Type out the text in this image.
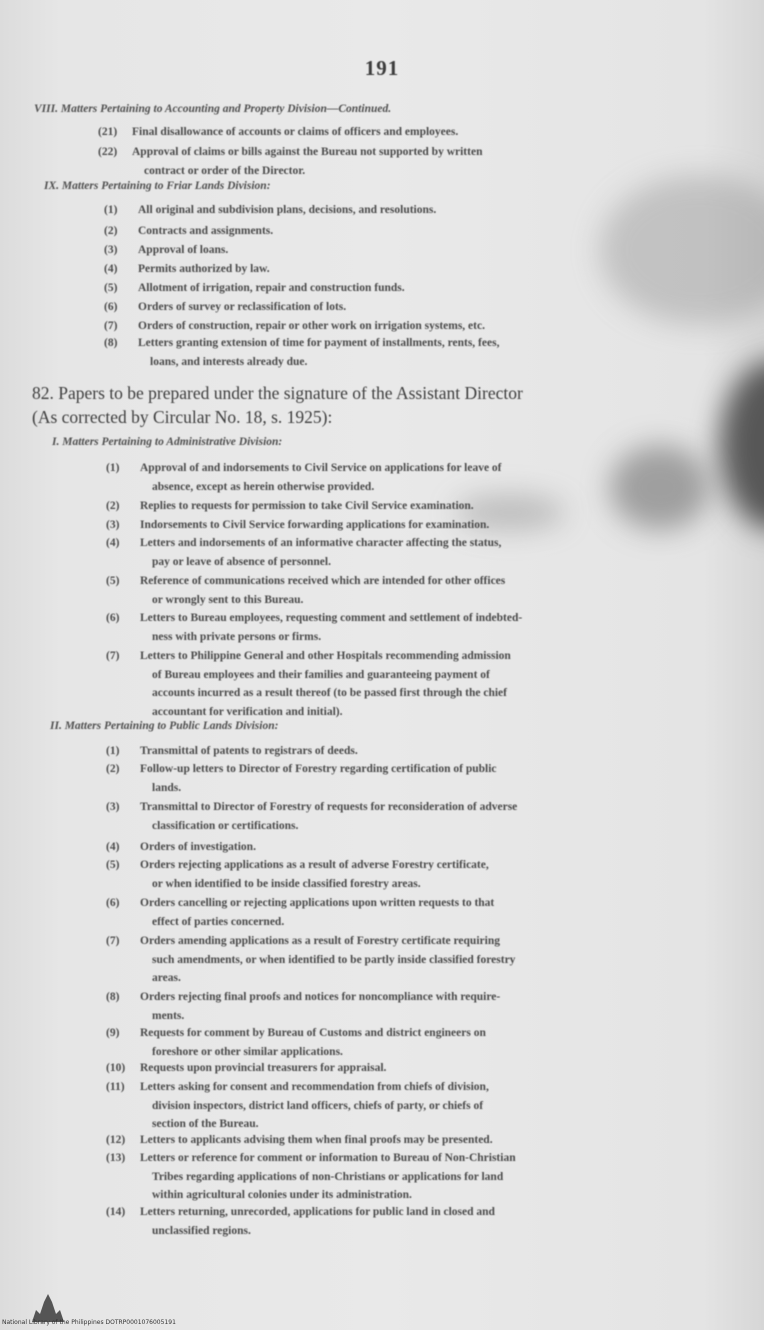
191
VIII. Matters Pertaining to Accounting and Property Division—Continued.
(21)	Final disallowance of accounts or claims of officers and employees.
(22)	Approval of claims or bills against the Bureau not supported by written
contract or order of the Director.
IX. Matters Pertaining to Friar Lands Division:
(1)	All original and subdivision plans, decisions, and resolutions.
(2)	Contracts and assignments.
(3)	Approval of loans.
(4)	Permits authorized by law.
(5)	Allotment of irrigation, repair and construction funds.
(6)	Orders of survey or reclassification of lots.
(7)	Orders of construction, repair or other work on irrigation systems, etc.
(8)	Letters granting extension of time for payment of installments, rents, fees,
loans, and interests already due.
82. Papers to be prepared under the signature of the Assistant Director
(As corrected by Circular No. 18, s. 1925):
I. Matters Pertaining to Administrative Division:
(1)	Approval of and indorsements to Civil Service on applications for leave of
absence, except as herein otherwise provided.
(2)	Replies to requests for permission to take Civil Service examination.
(3)	Indorsements to Civil Service forwarding applications for examination.
(4)	Letters and indorsements of an informative character affecting the status,
pay or leave of absence of personnel.
(5)	Reference of communications received which are intended for other offices
or wrongly sent to this Bureau.
(6)	Letters to Bureau employees, requesting comment and settlement of indebted-
ness with private persons or firms.
(7)	Letters to Philippine General and other Hospitals recommending admission
of Bureau employees and their families and guaranteeing payment of
accounts incurred as a result thereof (to be passed first through the chief
accountant for verification and initial).
II. Matters Pertaining to Public Lands Division:
(1)	Transmittal of patents to registrars of deeds.
(2)	Follow-up letters to Director of Forestry regarding certification of public
lands.
(3)	Transmittal to Director of Forestry of requests for reconsideration of adverse
classification or certifications.
(4)	Orders of investigation.
(5)	Orders rejecting applications as a result of adverse Forestry certificate,
or when identified to be inside classified forestry areas.
(6)	Orders cancelling or rejecting applications upon written requests to that
effect of parties concerned.
(7)	Orders amending applications as a result of Forestry certificate requiring
such amendments, or when identified to be partly inside classified forestry
areas.
(8)	Orders rejecting final proofs and notices for noncompliance with require-
ments.
(9)	Requests for comment by Bureau of Customs and district engineers on
foreshore or other similar applications.
(10)	Requests upon provincial treasurers for appraisal.
(11)	Letters asking for consent and recommendation from chiefs of division,
division inspectors, district land officers, chiefs of party, or chiefs of
section of the Bureau.
(12)	Letters to applicants advising them when final proofs may be presented.
(13)	Letters or reference for comment or information to Bureau of Non-Christian
Tribes regarding applications of non-Christians or applications for land
within agricultural colonies under its administration.
(14)	Letters returning, unrecorded, applications for public land in closed and
unclassified regions.
National Library of the Philippines DOTRP0001076005191
